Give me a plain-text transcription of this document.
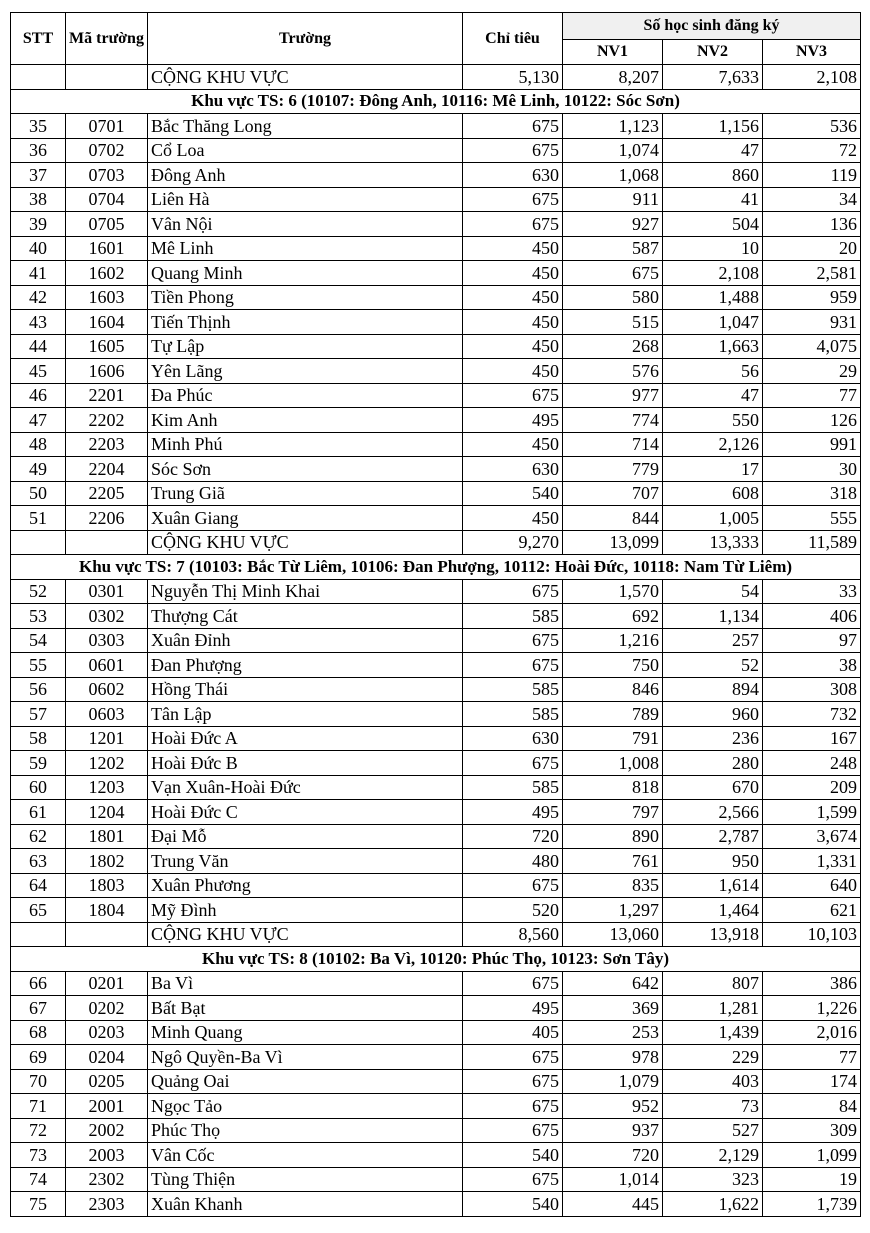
STT	Mã trường	Trường	Chỉ tiêu	Số học sinh đăng ký		
				NV1	NV2	NV3
		CỘNG KHU VỰC	5,130	8,207	7,633	2,108
Khu vực TS: 6 (10107: Đông Anh, 10116: Mê Linh, 10122: Sóc Sơn)						
35	0701	Bắc Thăng Long	675	1,123	1,156	536
36	0702	Cổ Loa	675	1,074	47	72
37	0703	Đông Anh	630	1,068	860	119
38	0704	Liên Hà	675	911	41	34
39	0705	Vân Nội	675	927	504	136
40	1601	Mê Linh	450	587	10	20
41	1602	Quang Minh	450	675	2,108	2,581
42	1603	Tiền Phong	450	580	1,488	959
43	1604	Tiến Thịnh	450	515	1,047	931
44	1605	Tự Lập	450	268	1,663	4,075
45	1606	Yên Lãng	450	576	56	29
46	2201	Đa Phúc	675	977	47	77
47	2202	Kim Anh	495	774	550	126
48	2203	Minh Phú	450	714	2,126	991
49	2204	Sóc Sơn	630	779	17	30
50	2205	Trung Giã	540	707	608	318
51	2206	Xuân Giang	450	844	1,005	555
		CỘNG KHU VỰC	9,270	13,099	13,333	11,589
Khu vực TS: 7 (10103: Bắc Từ Liêm, 10106: Đan Phượng, 10112: Hoài Đức, 10118: Nam Từ Liêm)						
52	0301	Nguyễn Thị Minh Khai	675	1,570	54	33
53	0302	Thượng Cát	585	692	1,134	406
54	0303	Xuân Đỉnh	675	1,216	257	97
55	0601	Đan Phượng	675	750	52	38
56	0602	Hồng Thái	585	846	894	308
57	0603	Tân Lập	585	789	960	732
58	1201	Hoài Đức A	630	791	236	167
59	1202	Hoài Đức B	675	1,008	280	248
60	1203	Vạn Xuân-Hoài Đức	585	818	670	209
61	1204	Hoài Đức C	495	797	2,566	1,599
62	1801	Đại Mỗ	720	890	2,787	3,674
63	1802	Trung Văn	480	761	950	1,331
64	1803	Xuân Phương	675	835	1,614	640
65	1804	Mỹ Đình	520	1,297	1,464	621
		CỘNG KHU VỰC	8,560	13,060	13,918	10,103
Khu vực TS: 8 (10102: Ba Vì, 10120: Phúc Thọ, 10123: Sơn Tây)						
66	0201	Ba Vì	675	642	807	386
67	0202	Bất Bạt	495	369	1,281	1,226
68	0203	Minh Quang	405	253	1,439	2,016
69	0204	Ngô Quyền-Ba Vì	675	978	229	77
70	0205	Quảng Oai	675	1,079	403	174
71	2001	Ngọc Tảo	675	952	73	84
72	2002	Phúc Thọ	675	937	527	309
73	2003	Vân Cốc	540	720	2,129	1,099
74	2302	Tùng Thiện	675	1,014	323	19
75	2303	Xuân Khanh	540	445	1,622	1,739
